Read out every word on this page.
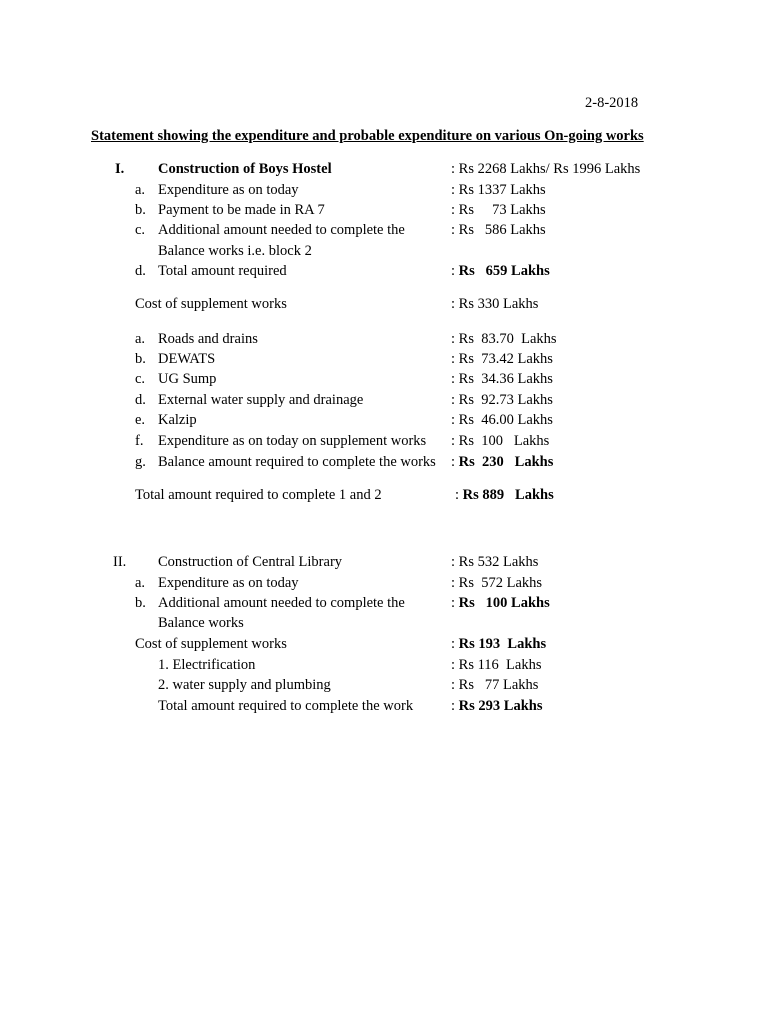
2-8-2018
Statement showing the expenditure and probable expenditure on various On-going works
I. Construction of Boys Hostel	: Rs 2268 Lakhs/ Rs 1996 Lakhs
a. Expenditure as on today	: Rs 1337 Lakhs
b. Payment to be made in RA 7	: Rs     73 Lakhs
c. Additional amount needed to complete the	: Rs   586 Lakhs
Balance works i.e. block 2
d. Total amount required	: Rs   659 Lakhs
Cost of supplement works	: Rs 330 Lakhs
a. Roads and drains	: Rs  83.70  Lakhs
b. DEWATS	: Rs  73.42 Lakhs
c. UG Sump	: Rs  34.36 Lakhs
d. External water supply and drainage	: Rs  92.73 Lakhs
e. Kalzip	: Rs  46.00 Lakhs
f. Expenditure as on today on supplement works : Rs  100   Lakhs
g. Balance amount required to complete the works : Rs  230   Lakhs
Total amount required to complete 1 and 2	: Rs 889   Lakhs
II. Construction of Central Library	: Rs 532 Lakhs
a. Expenditure as on today	: Rs  572 Lakhs
b. Additional amount needed to complete the	: Rs   100 Lakhs
Balance works
Cost of supplement works	: Rs 193  Lakhs
1. Electrification	: Rs 116  Lakhs
2. water supply and plumbing	: Rs   77 Lakhs
Total amount required to complete the work	: Rs 293 Lakhs
